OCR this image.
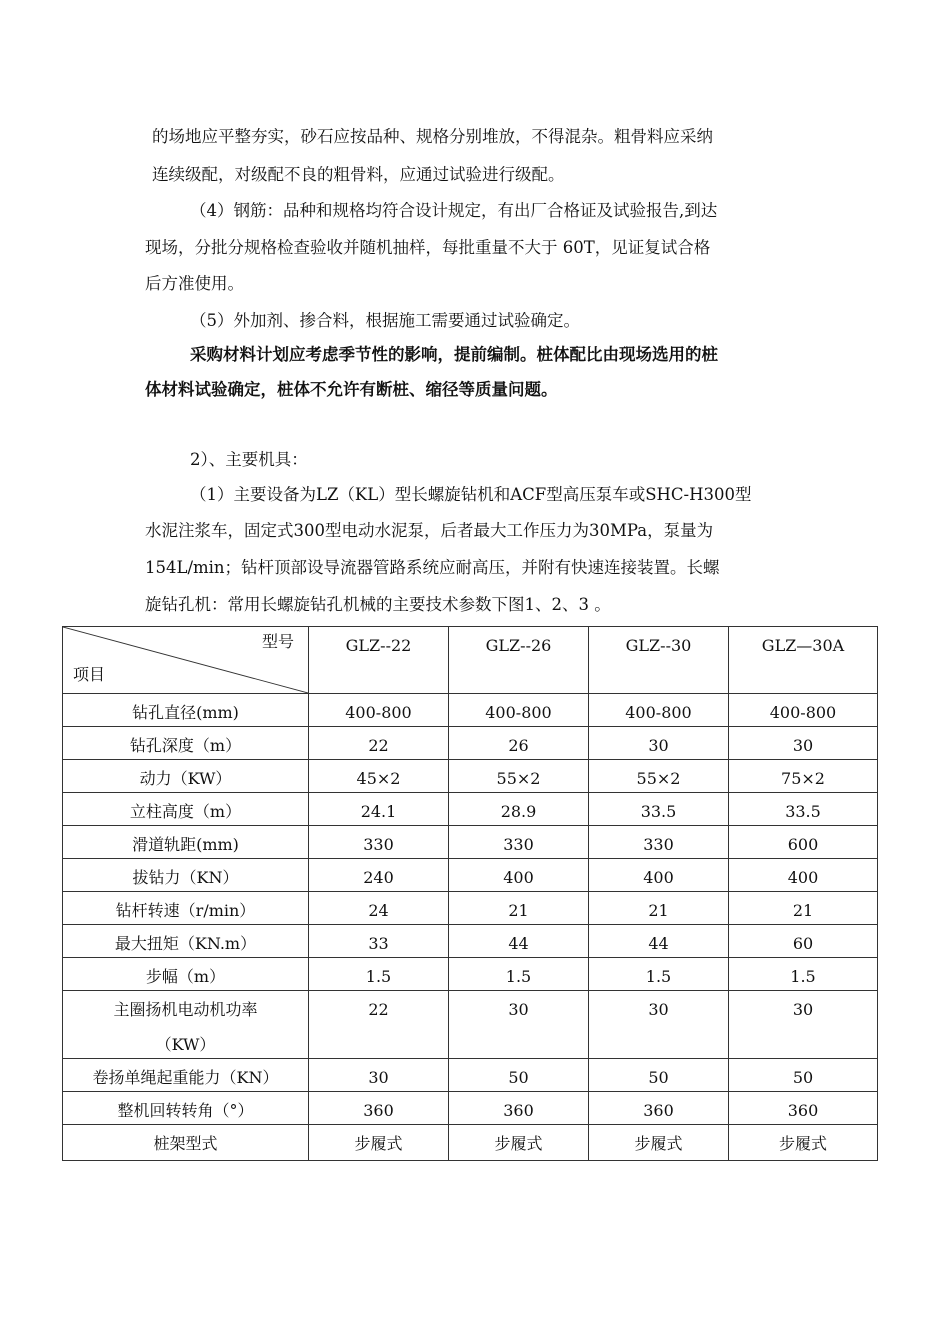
的场地应平整夯实，砂石应按品种、规格分别堆放，不得混杂。粗骨料应采纳
连续级配，对级配不良的粗骨料，应通过试验进行级配。
（4）钢筋：品种和规格均符合设计规定，有出厂合格证及试验报告,到达
现场，分批分规格检查验收并随机抽样，每批重量不大于 60T，见证复试合格
后方准使用。
（5）外加剂、掺合料，根据施工需要通过试验确定。
采购材料计划应考虑季节性的影响，提前编制。桩体配比由现场选用的桩
体材料试验确定，桩体不允许有断桩、缩径等质量问题。
2）、主要机具：
（1）主要设备为LZ（KL）型长螺旋钻机和ACF型高压泵车或SHC-H300型
水泥注浆车，固定式300型电动水泥泵，后者最大工作压力为30MPa，泵量为
154L/min；钻杆顶部设导流器管路系统应耐高压，并附有快速连接装置。长螺
旋钻孔机：常用长螺旋钻孔机械的主要技术参数下图1、2、3 。
型号
项目	GLZ--22	GLZ--26	GLZ--30	GLZ—30A
钻孔直径(mm)	400-800	400-800	400-800	400-800
钻孔深度（m）	22	26	30	30
动力（KW）	45×2	55×2	55×2	75×2
立柱高度（m）	24.1	28.9	33.5	33.5
滑道轨距(mm)	330	330	330	600
拔钻力（KN）	240	400	400	400
钻杆转速（r/min）	24	21	21	21
最大扭矩（KN.m）	33	44	44	60
步幅（m）	1.5	1.5	1.5	1.5

主圈扬机电动机功率
（KW）	22	30	30	30
卷扬单绳起重能力（KN）	30	50	50	50
整机回转转角（°）	360	360	360	360
桩架型式	步履式	步履式	步履式	步履式
